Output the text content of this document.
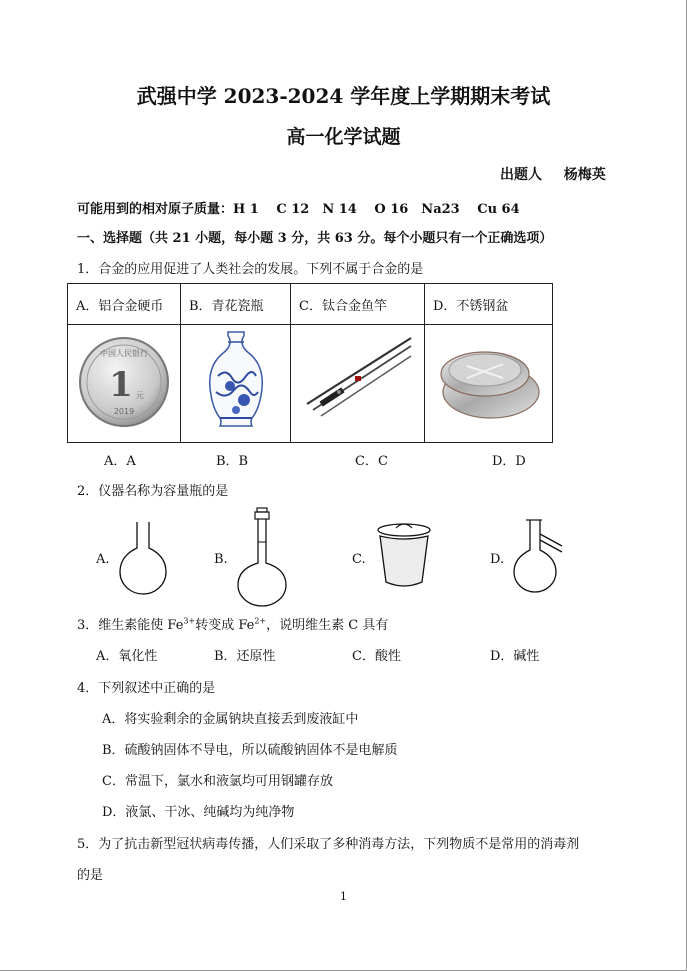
武强中学 2023-2024 学年度上学期期末考试
高一化学试题
出题人 杨梅英
可能用到的相对原子质量：H 1　 C 12　N 14　 O 16　Na23　 Cu 64
一、选择题（共 21 小题，每小题 3 分，共 63 分。每个小题只有一个正确选项）
1．合金的应用促进了人类社会的发展。下列不属于合金的是
A．铝合金硬币	B．青花瓷瓶	C．钛合金鱼竿	D．不锈钢盆

中国人民银行
1 元
2019

A．A	B．B	C．C	D．D
2．仪器名称为容量瓶的是
A.	B.	C.	D.
3．维生素能使 $Fe^{3+}$转变成 $Fe^{2+}$，说明维生素 C 具有
A．氧化性	B．还原性	C．酸性	D．碱性
4．下列叙述中正确的是
A．将实验剩余的金属钠块直接丢到废液缸中
B．硫酸钠固体不导电，所以硫酸钠固体不是电解质
C．常温下，氯水和液氯均可用钢罐存放
D．液氯、干冰、纯碱均为纯净物
5．为了抗击新型冠状病毒传播，人们采取了多种消毒方法，下列物质不是常用的消毒剂
的是
1
